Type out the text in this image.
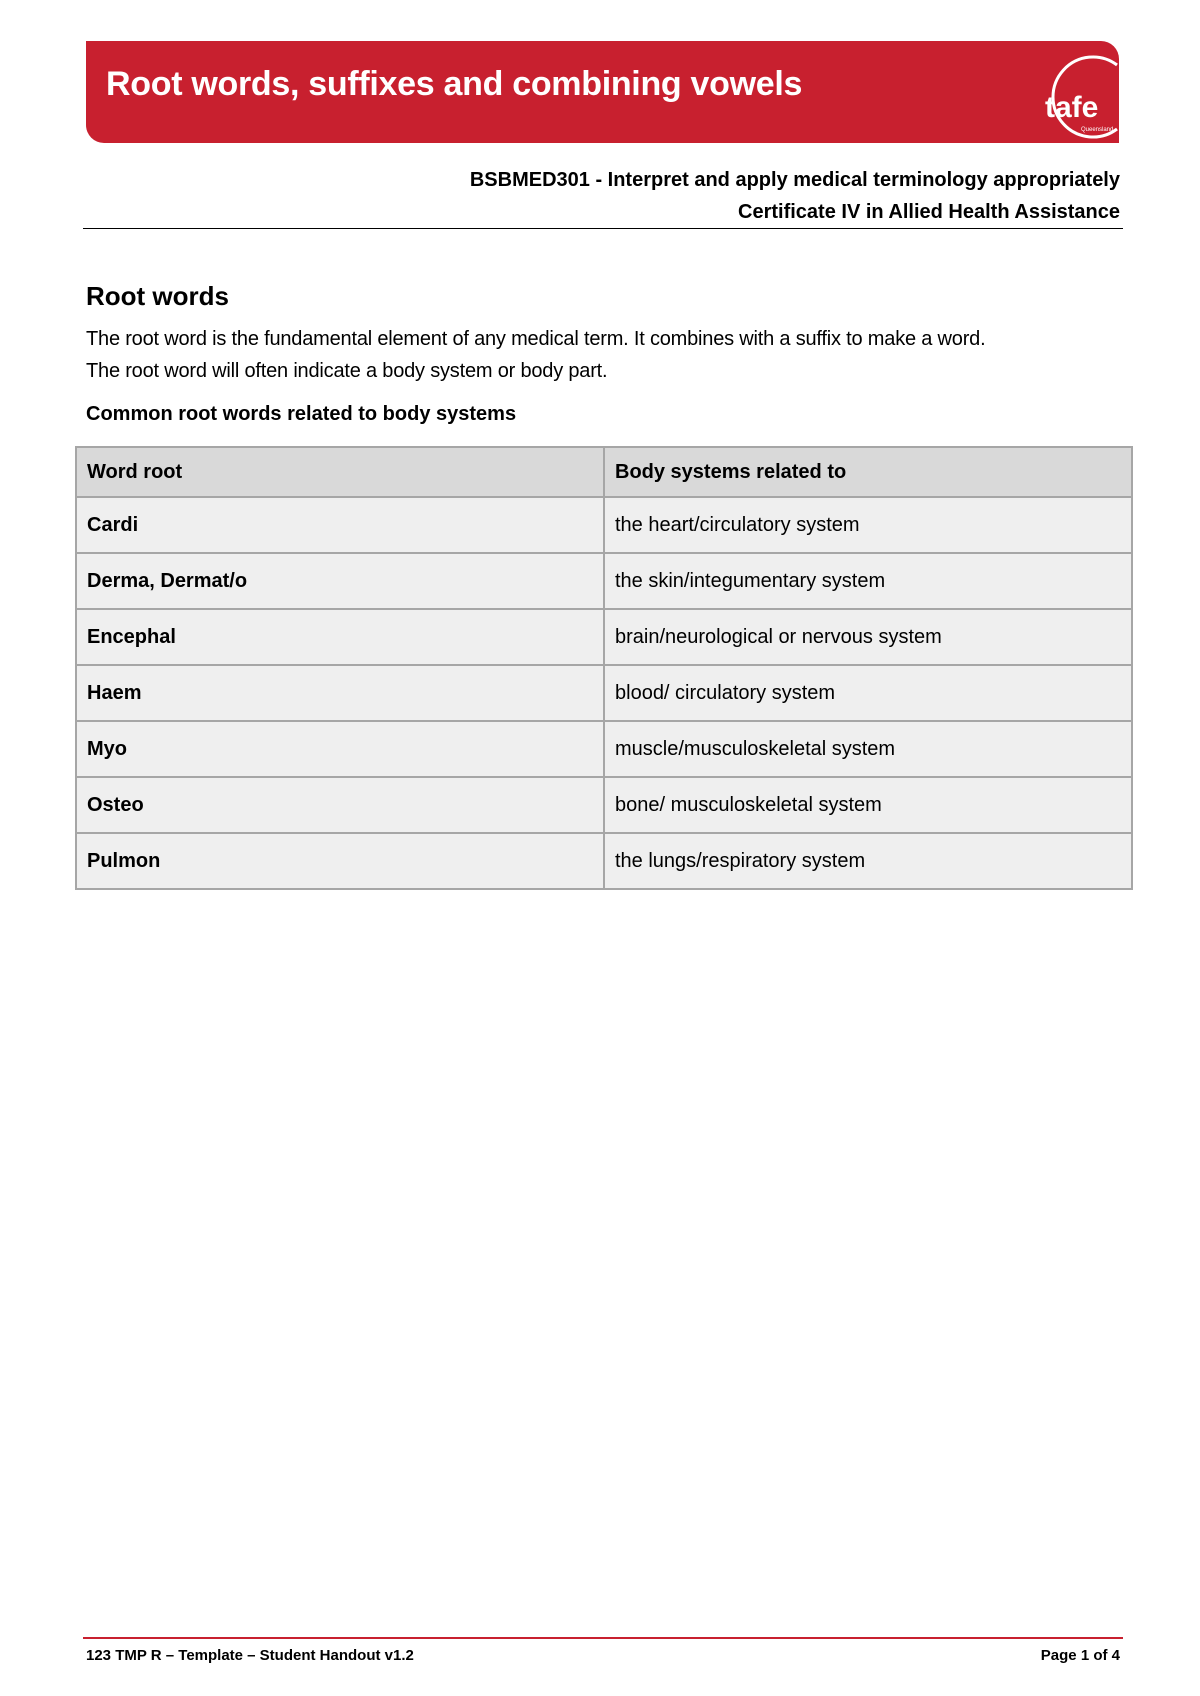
Root words, suffixes and combining vowels
tafe
Queensland
BSBMED301 - Interpret and apply medical terminology appropriately
Certificate IV in Allied Health Assistance
Root words

The root word is the fundamental element of any medical term. It combines with a suffix to make a word.
The root word will often indicate a body system or body part.

Common root words related to body systems

Word root	Body systems related to
Cardi	the heart/circulatory system
Derma, Dermat/o	the skin/integumentary system
Encephal	brain/neurological or nervous system
Haem	blood/ circulatory system
Myo	muscle/musculoskeletal system
Osteo	bone/ musculoskeletal system
Pulmon	the lungs/respiratory system
123 TMP R – Template – Student Handout v1.2	Page 1 of 4
